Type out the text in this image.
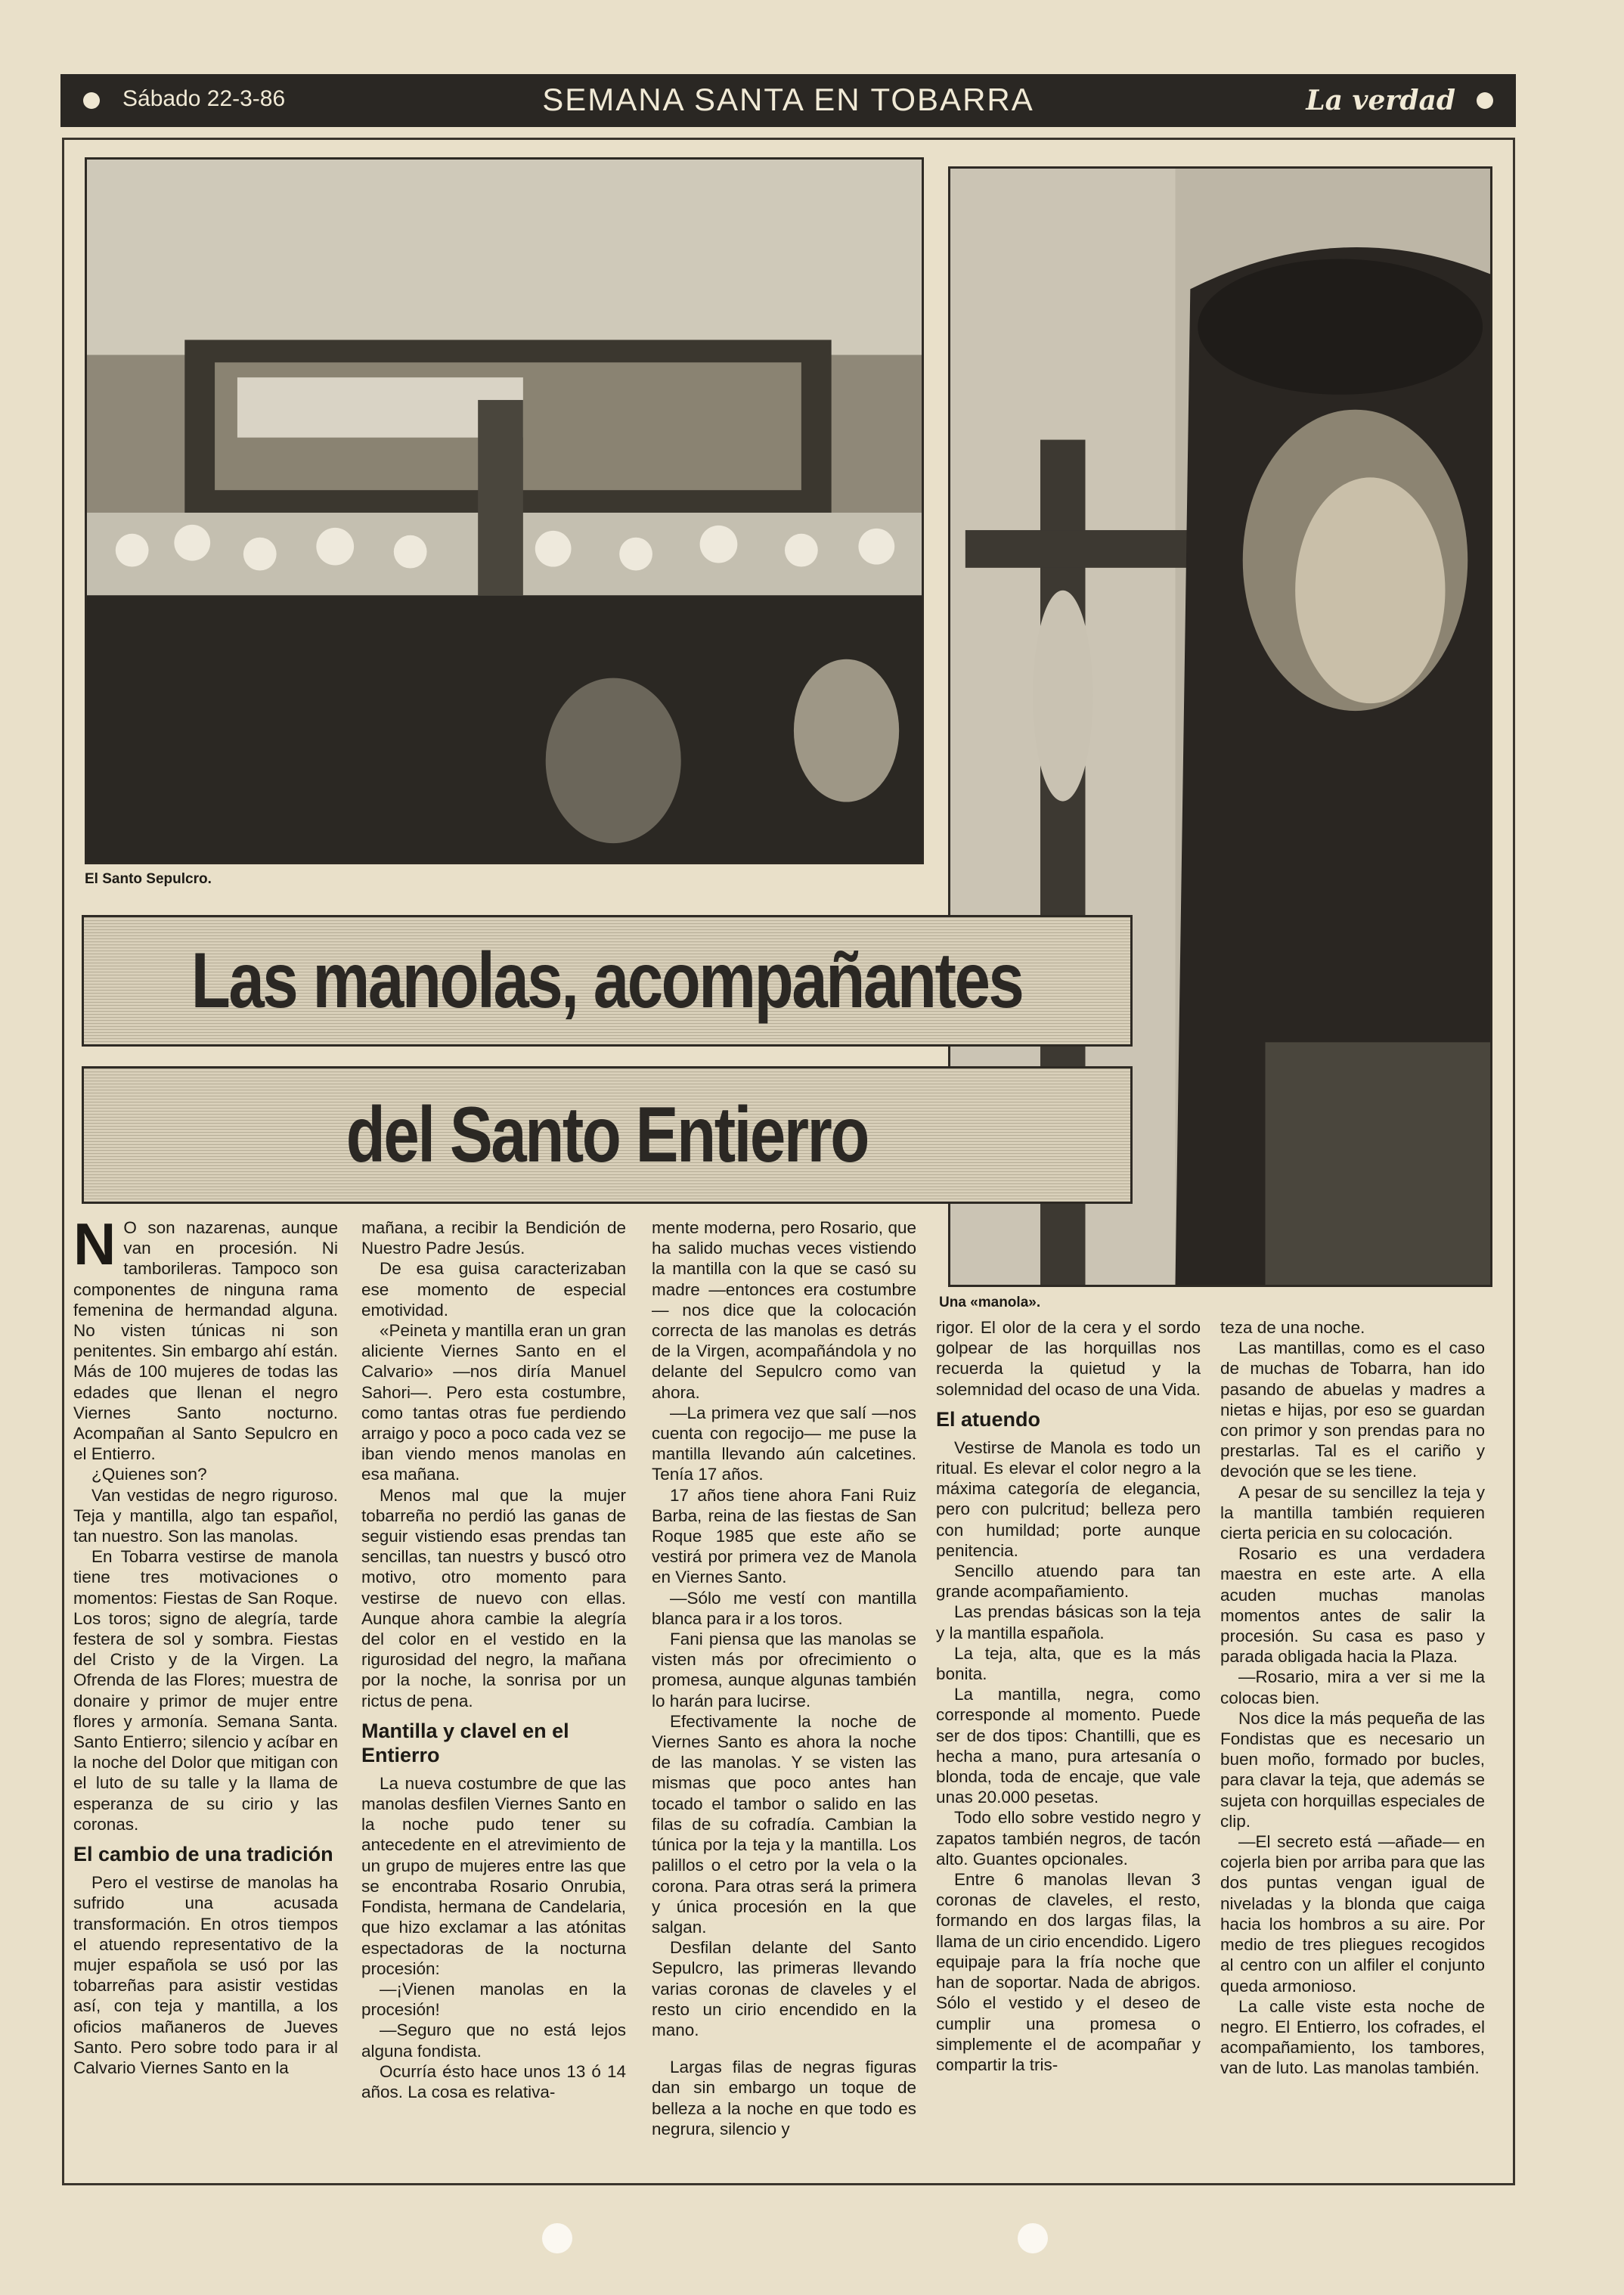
Sábado 22-3-86	SEMANA SANTA EN TOBARRA	La verdad
El Santo Sepulcro.
Una «manola».
Las manolas, acompañantes
del Santo Entierro

N O son nazarenas, aunque van en procesión. Ni tamborileras. Tampoco son componentes de ninguna rama femenina de hermandad alguna. No visten túnicas ni son penitentes. Sin embargo ahí están. Más de 100 mujeres de todas las edades que llenan el negro Viernes Santo nocturno. Acompañan al Santo Sepulcro en el Entierro.

¿Quienes son?

Van vestidas de negro riguroso. Teja y mantilla, algo tan español, tan nuestro. Son las manolas.

En Tobarra vestirse de manola tiene tres motivaciones o momentos: Fiestas de San Roque. Los toros; signo de alegría, tarde festera de sol y sombra. Fiestas del Cristo y de la Virgen. La Ofrenda de las Flores; muestra de donaire y primor de mujer entre flores y armonía. Semana Santa. Santo Entierro; silencio y acíbar en la noche del Dolor que mitigan con el luto de su talle y la llama de esperanza de su cirio y las coronas.

El cambio de una tradición

Pero el vestirse de manolas ha sufrido una acusada transformación. En otros tiempos el atuendo representativo de la mujer española se usó por las tobarreñas para asistir vestidas así, con teja y mantilla, a los oficios mañaneros de Jueves Santo. Pero sobre todo para ir al Calvario Viernes Santo en la

mañana, a recibir la Bendición de Nuestro Padre Jesús.

De esa guisa caracterizaban ese momento de especial emotividad.

«Peineta y mantilla eran un gran aliciente Viernes Santo en el Calvario» —nos diría Manuel Sahori—. Pero esta costumbre, como tantas otras fue perdiendo arraigo y poco a poco cada vez se iban viendo menos manolas en esa mañana.

Menos mal que la mujer tobarreña no perdió las ganas de seguir vistiendo esas prendas tan sencillas, tan nuestrs y buscó otro motivo, otro momento para vestirse de nuevo con ellas. Aunque ahora cambie la alegría del color en el vestido en la rigurosidad del negro, la mañana por la noche, la sonrisa por un rictus de pena.

Mantilla y clavel en el Entierro

La nueva costumbre de que las manolas desfilen Viernes Santo en la noche pudo tener su antecedente en el atrevimiento de un grupo de mujeres entre las que se encontraba Rosario Onrubia, Fondista, hermana de Candelaria, que hizo exclamar a las atónitas espectadoras de la nocturna procesión:

—¡Vienen manolas en la procesión!

—Seguro que no está lejos alguna fondista.

Ocurría ésto hace unos 13 ó 14 años. La cosa es relativa-

mente moderna, pero Rosario, que ha salido muchas veces vistiendo la mantilla con la que se casó su madre —entonces era costumbre— nos dice que la colocación correcta de las manolas es detrás de la Virgen, acompañándola y no delante del Sepulcro como van ahora.

—La primera vez que salí —nos cuenta con regocijo— me puse la mantilla llevando aún calcetines. Tenía 17 años.

17 años tiene ahora Fani Ruiz Barba, reina de las fiestas de San Roque 1985 que este año se vestirá por primera vez de Manola en Viernes Santo.

—Sólo me vestí con mantilla blanca para ir a los toros.

Fani piensa que las manolas se visten más por ofrecimiento o promesa, aunque algunas también lo harán para lucirse.

Efectivamente la noche de Viernes Santo es ahora la noche de las manolas. Y se visten las mismas que poco antes han tocado el tambor o salido en las filas de su cofradía. Cambian la túnica por la teja y la mantilla. Los palillos o el cetro por la vela o la corona. Para otras será la primera y única procesión en la que salgan.

Desfilan delante del Santo Sepulcro, las primeras llevando varias coronas de claveles y el resto un cirio encendido en la mano.

Largas filas de negras figuras dan sin embargo un toque de belleza a la noche en que todo es negrura, silencio y

rigor. El olor de la cera y el sordo golpear de las horquillas nos recuerda la quietud y la solemnidad del ocaso de una Vida.

El atuendo

Vestirse de Manola es todo un ritual. Es elevar el color negro a la máxima categoría de elegancia, pero con pulcritud; belleza pero con humildad; porte aunque penitencia.

Sencillo atuendo para tan grande acompañamiento.

Las prendas básicas son la teja y la mantilla española.

La teja, alta, que es la más bonita.

La mantilla, negra, como corresponde al momento. Puede ser de dos tipos: Chantilli, que es hecha a mano, pura artesanía o blonda, toda de encaje, que vale unas 20.000 pesetas.

Todo ello sobre vestido negro y zapatos también negros, de tacón alto. Guantes opcionales.

Entre 6 manolas llevan 3 coronas de claveles, el resto, formando en dos largas filas, la llama de un cirio encendido. Ligero equipaje para la fría noche que han de soportar. Nada de abrigos. Sólo el vestido y el deseo de cumplir una promesa o simplemente el de acompañar y compartir la tris-

teza de una noche.

Las mantillas, como es el caso de muchas de Tobarra, han ido pasando de abuelas y madres a nietas e hijas, por eso se guardan con primor y son prendas para no prestarlas. Tal es el cariño y devoción que se les tiene.

A pesar de su sencillez la teja y la mantilla también requieren cierta pericia en su colocación.

Rosario es una verdadera maestra en este arte. A ella acuden muchas manolas momentos antes de salir la procesión. Su casa es paso y parada obligada hacia la Plaza.

—Rosario, mira a ver si me la colocas bien.

Nos dice la más pequeña de las Fondistas que es necesario un buen moño, formado por bucles, para clavar la teja, que además se sujeta con horquillas especiales de clip.

—El secreto está —añade— en cojerla bien por arriba para que las dos puntas vengan igual de niveladas y la blonda que caiga hacia los hombros a su aire. Por medio de tres pliegues recogidos al centro con un alfiler el conjunto queda armonioso.

La calle viste esta noche de negro. El Entierro, los cofrades, el acompañamiento, los tambores, van de luto. Las manolas también.
